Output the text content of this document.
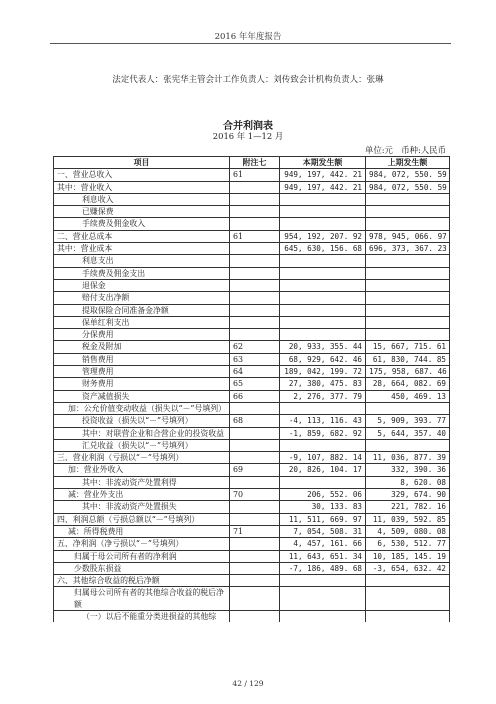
2016 年年度报告
法定代表人：张宪华主管会计工作负责人：刘传致会计机构负责人：张琳
合并利润表
2016 年 1—12 月
单位:元　币种:人民币
项目	附注七	本期发生额	上期发生额
一、营业总收入	61	949, 197, 442. 21	984, 072, 550. 59
其中：营业收入		949, 197, 442. 21	984, 072, 550. 59
利息收入			
已赚保费			
手续费及佣金收入			
二、营业总成本	61	954, 192, 207. 92	978, 945, 066. 97
其中：营业成本		645, 630, 156. 68	696, 373, 367. 23
利息支出			
手续费及佣金支出			
退保金			
赔付支出净额			
提取保险合同准备金净额			
保单红利支出			
分保费用			
税金及附加	62	20, 933, 355. 44	15, 667, 715. 61
销售费用	63	68, 929, 642. 46	61, 830, 744. 85
管理费用	64	189, 042, 199. 72	175, 958, 687. 46
财务费用	65	27, 380, 475. 83	28, 664, 082. 69
资产减值损失	66	2, 276, 377. 79	450, 469. 13
加：公允价值变动收益（损失以“－”号填列）			
投资收益（损失以“－”号填列）	68	-4, 113, 116. 43	5, 909, 393. 77
其中：对联营企业和合营企业的投资收益		-1, 859, 682. 92	5, 644, 357. 40
汇兑收益（损失以“－”号填列）			
三、营业利润（亏损以“－”号填列）		-9, 107, 882. 14	11, 036, 877. 39
加：营业外收入	69	20, 826, 104. 17	332, 390. 36
其中：非流动资产处置利得			8, 620. 08
减：营业外支出	70	206, 552. 06	329, 674. 90
其中：非流动资产处置损失		30, 133. 83	221, 782. 16
四、利润总额（亏损总额以“－”号填列）		11, 511, 669. 97	11, 039, 592. 85
减：所得税费用	71	7, 054, 508. 31	4, 509, 080. 08
五、净利润（净亏损以“－”号填列）		4, 457, 161. 66	6, 530, 512. 77
归属于母公司所有者的净利润		11, 643, 651. 34	10, 185, 145. 19
少数股东损益		-7, 186, 489. 68	-3, 654, 632. 42
六、其他综合收益的税后净额			
归属母公司所有者的其他综合收益的税后净额			
（一）以后不能重分类进损益的其他综			
42 / 129
